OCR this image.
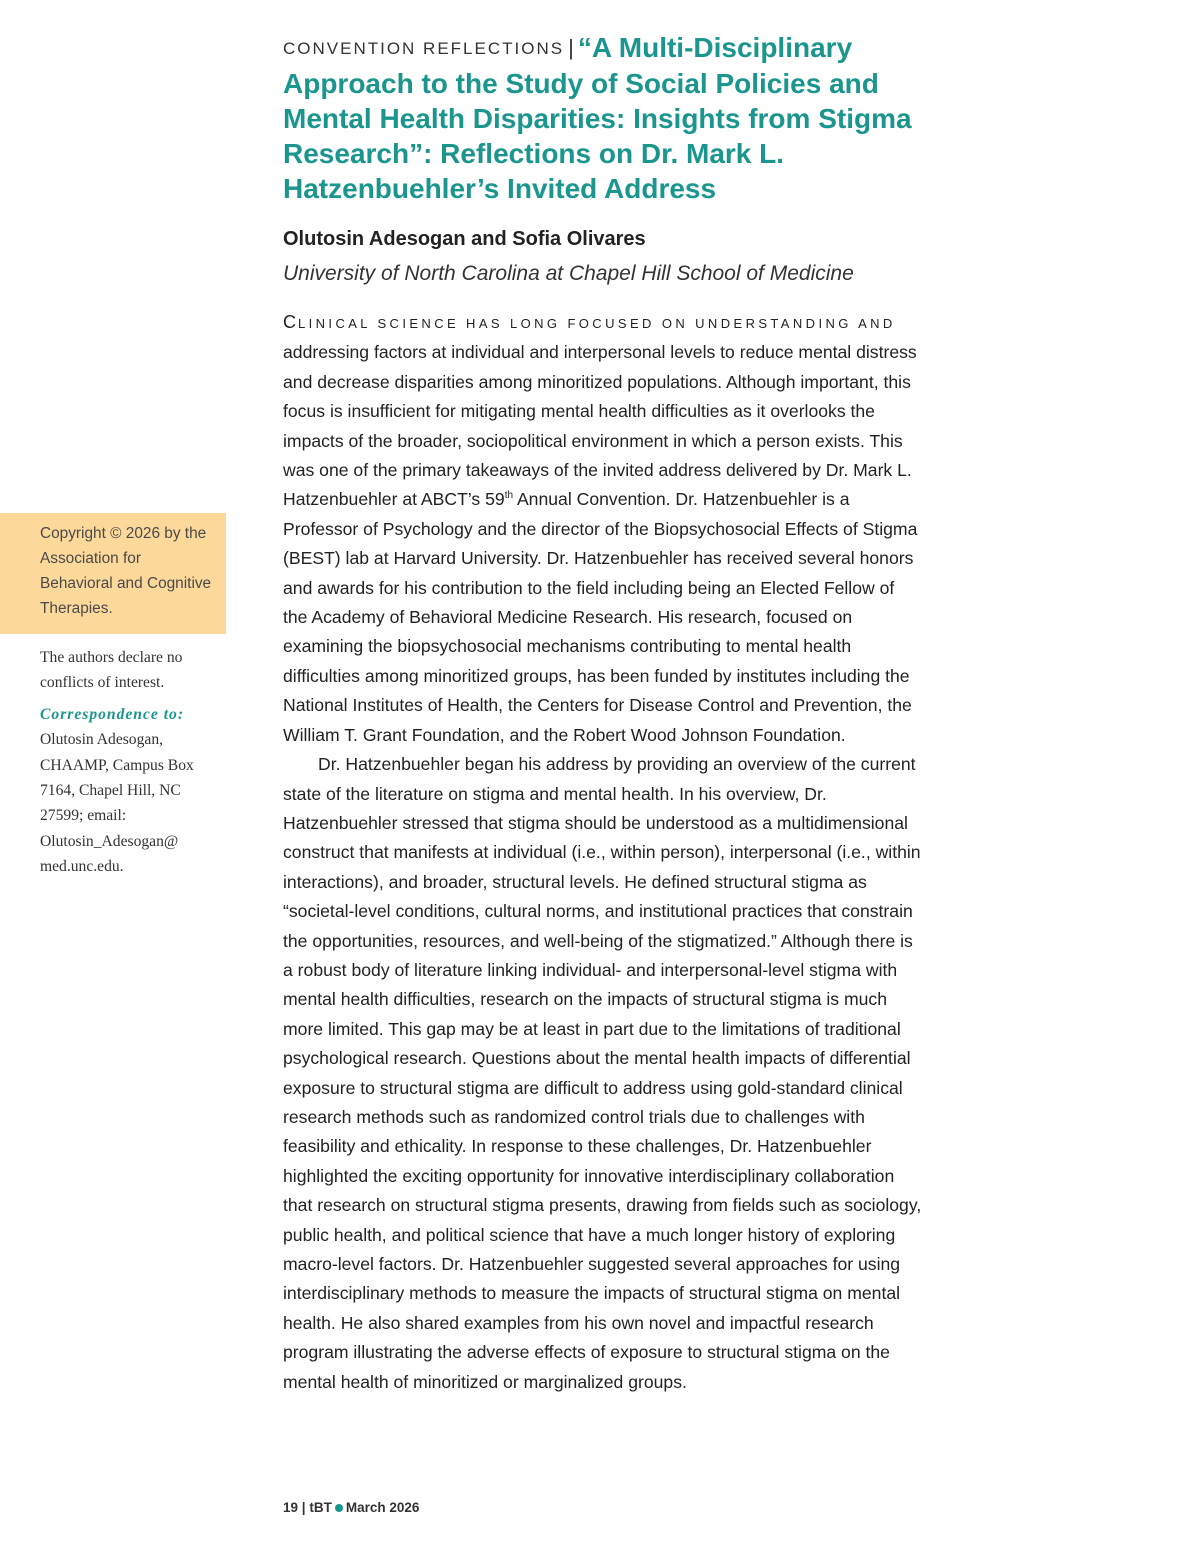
CONVENTION REFLECTIONS | “A Multi-Disciplinary Approach to the Study of Social Policies and Mental Health Disparities: Insights from Stigma Research”: Reflections on Dr. Mark L. Hatzenbuehler’s Invited Address
Olutosin Adesogan and Sofia Olivares
University of North Carolina at Chapel Hill School of Medicine
Copyright © 2026 by the Association for Behavioral and Cognitive Therapies.

The authors declare no conflicts of interest.

Correspondence to:

Olutosin Adesogan, CHAAMP, Campus Box 7164, Chapel Hill, NC 27599; email: Olutosin_Adesogan@ med.unc.edu.

CLINICAL SCIENCE HAS LONG FOCUSED ON UNDERSTANDING AND addressing factors at individual and interpersonal levels to reduce mental distress and decrease disparities among minoritized populations. Although important, this focus is insufficient for mitigating mental health difficulties as it overlooks the impacts of the broader, sociopolitical environment in which a person exists. This was one of the primary takeaways of the invited address delivered by Dr. Mark L. Hatzenbuehler at ABCT’s 59th Annual Convention. Dr. Hatzenbuehler is a Professor of Psychology and the director of the Biopsychosocial Effects of Stigma (BEST) lab at Harvard University. Dr. Hatzenbuehler has received several honors and awards for his contribution to the field including being an Elected Fellow of the Academy of Behavioral Medicine Research. His research, focused on examining the biopsychosocial mechanisms contributing to mental health difficulties among minoritized groups, has been funded by institutes including the National Institutes of Health, the Centers for Disease Control and Prevention, the William T. Grant Foundation, and the Robert Wood Johnson Foundation.

Dr. Hatzenbuehler began his address by providing an overview of the current state of the literature on stigma and mental health. In his overview, Dr. Hatzenbuehler stressed that stigma should be understood as a multidimensional construct that manifests at individual (i.e., within person), interpersonal (i.e., within interactions), and broader, structural levels. He defined structural stigma as “societal-level conditions, cultural norms, and institutional practices that constrain the opportunities, resources, and well-being of the stigmatized.” Although there is a robust body of literature linking individual- and interpersonal-level stigma with mental health difficulties, research on the impacts of structural stigma is much more limited. This gap may be at least in part due to the limitations of traditional psychological research. Questions about the mental health impacts of differential exposure to structural stigma are difficult to address using gold-standard clinical research methods such as randomized control trials due to challenges with feasibility and ethicality. In response to these challenges, Dr. Hatzenbuehler highlighted the exciting opportunity for innovative interdisciplinary collaboration that research on structural stigma presents, drawing from fields such as sociology, public health, and political science that have a much longer history of exploring macro-level factors. Dr. Hatzenbuehler suggested several approaches for using interdisciplinary methods to measure the impacts of structural stigma on mental health. He also shared examples from his own novel and impactful research program illustrating the adverse effects of exposure to structural stigma on the mental health of minoritized or marginalized groups.

19 | tBT March 2026
